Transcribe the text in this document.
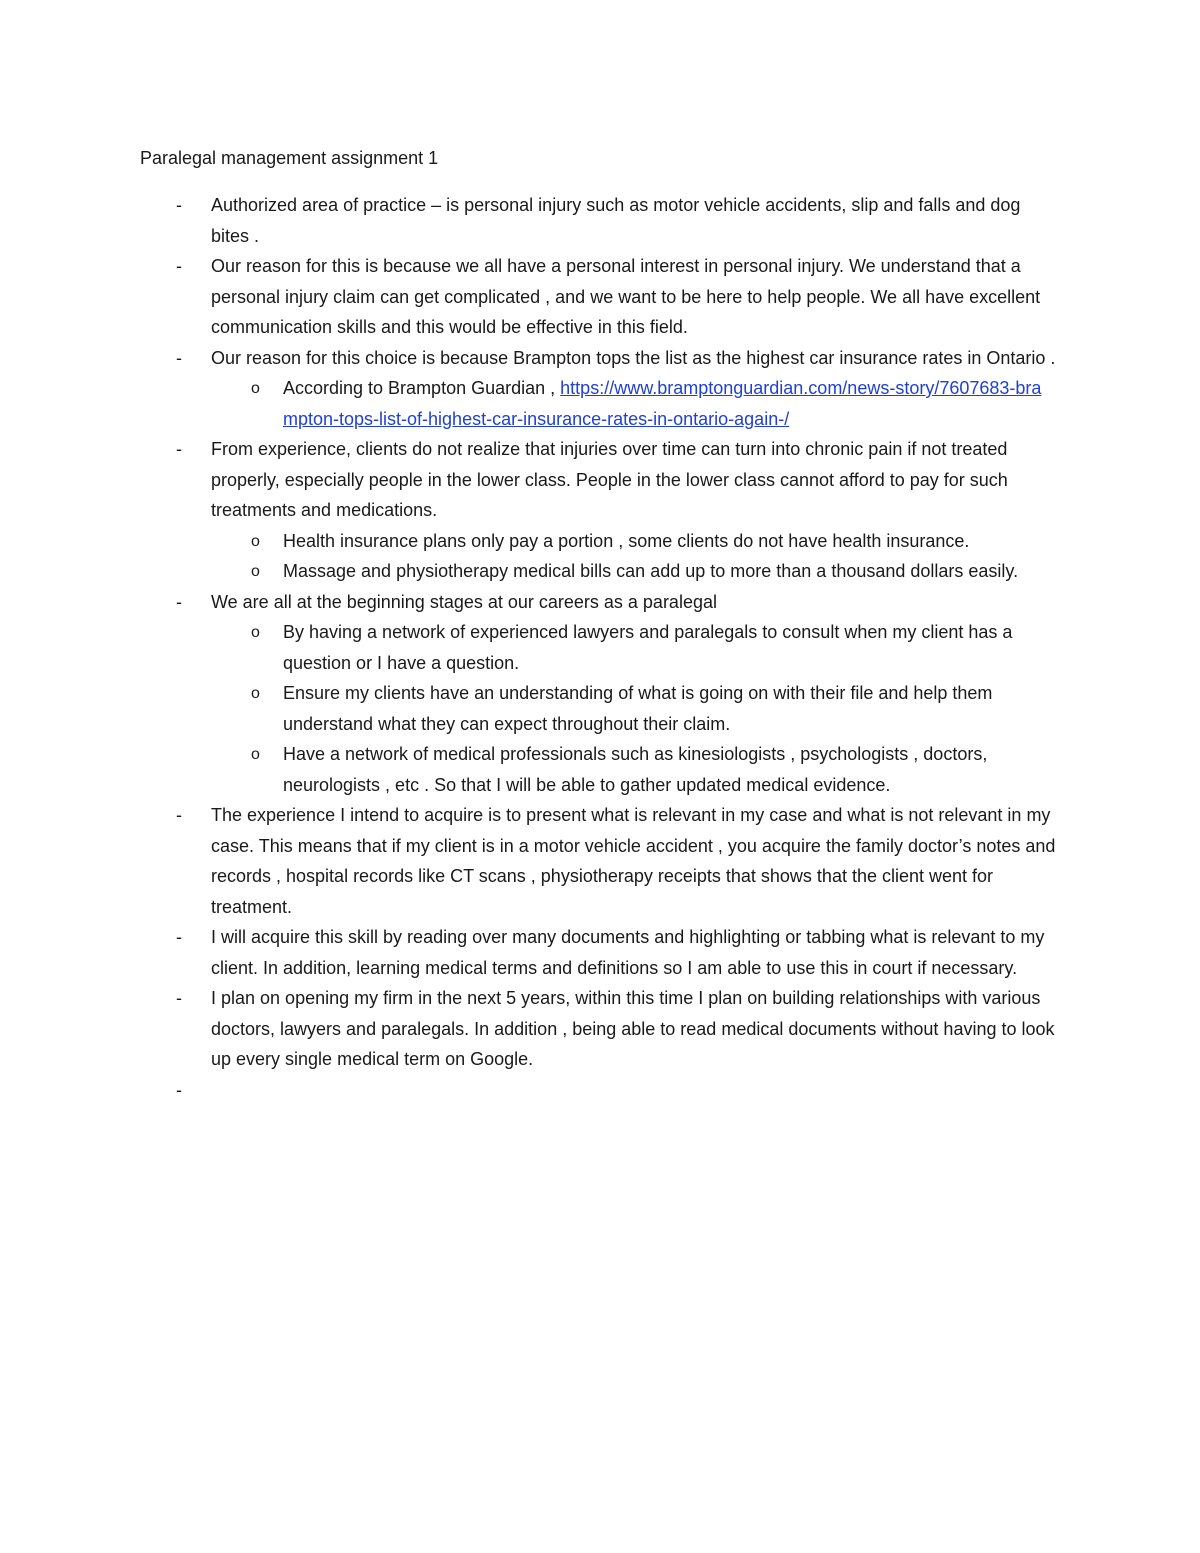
Paralegal management assignment 1
- Authorized area of practice – is personal injury such as motor vehicle accidents, slip and falls and dog bites .
- Our reason for this is because we all have a personal interest in personal injury. We understand that a personal injury claim can get complicated , and we want to be here to help people. We all have excellent communication skills and this would be effective in this field.
- Our reason for this choice is because Brampton tops the list as the highest car insurance rates in Ontario .
o According to Brampton Guardian , https://www.bramptonguardian.com/news-story/7607683-brampton-tops-list-of-highest-car-insurance-rates-in-ontario-again-/
- From experience, clients do not realize that injuries over time can turn into chronic pain if not treated properly, especially people in the lower class. People in the lower class cannot afford to pay for such treatments and medications.
o Health insurance plans only pay a portion , some clients do not have health insurance.
o Massage and physiotherapy medical bills can add up to more than a thousand dollars easily.
- We are all at the beginning stages at our careers as a paralegal
o By having a network of experienced lawyers and paralegals to consult when my client has a question or I have a question.
o Ensure my clients have an understanding of what is going on with their file and help them understand what they can expect throughout their claim.
o Have a network of medical professionals such as kinesiologists , psychologists , doctors, neurologists , etc . So that I will be able to gather updated medical evidence.
- The experience I intend to acquire is to present what is relevant in my case and what is not relevant in my case. This means that if my client is in a motor vehicle accident , you acquire the family doctor’s notes and records , hospital records like CT scans , physiotherapy receipts that shows that the client went for treatment.
- I will acquire this skill by reading over many documents and highlighting or tabbing what is relevant to my client. In addition, learning medical terms and definitions so I am able to use this in court if necessary.
- I plan on opening my firm in the next 5 years, within this time I plan on building relationships with various doctors, lawyers and paralegals. In addition , being able to read medical documents without having to look up every single medical term on Google.
-
